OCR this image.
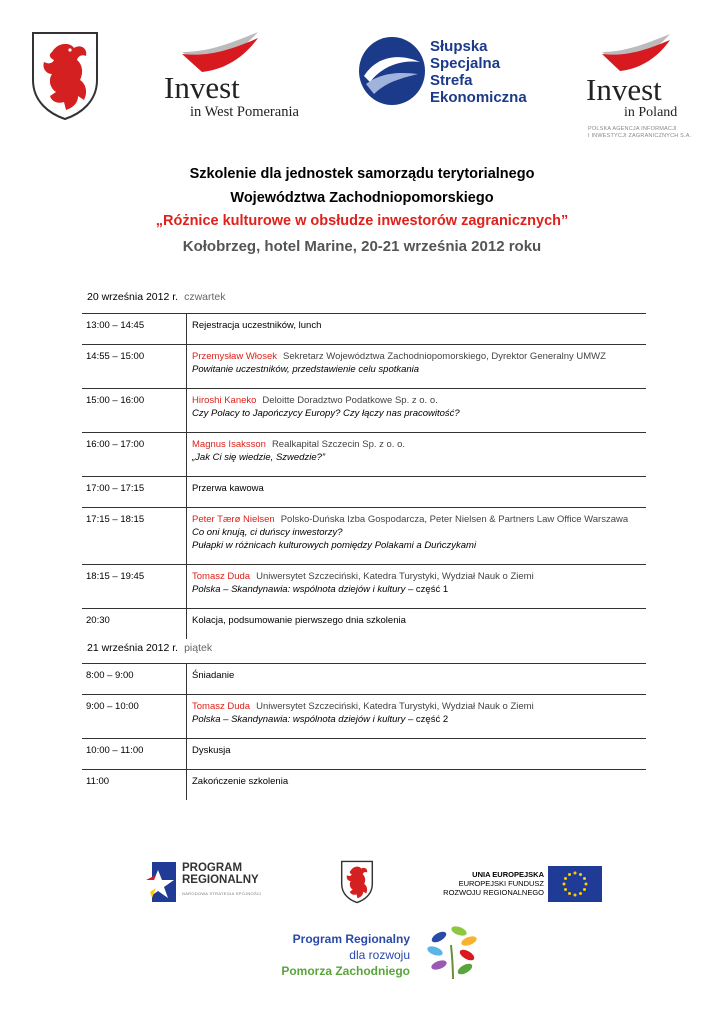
Invest
in West Pomerania
Słupska
Specjalna
Strefa
Ekonomiczna Invest
in Poland
POLSKA AGENCJA INFORMACJI
I INWESTYCJI ZAGRANICZNYCH S.A.
Szkolenie dla jednostek samorządu terytorialnego
Województwa Zachodniopomorskiego
„Różnice kulturowe w obsłudze inwestorów zagranicznych”
Kołobrzeg, hotel Marine, 20-21 września 2012 roku
20 września 2012 r. czwartek
13:00 – 14:45	Rejestracja uczestników, lunch
14:55 – 15:00	Przemysław Włosek Sekretarz Województwa Zachodniopomorskiego, Dyrektor Generalny UMWZ
Powitanie uczestników, przedstawienie celu spotkania

15:00 – 16:00	Hiroshi Kaneko Deloitte Doradztwo Podatkowe Sp. z o. o.
Czy Polacy to Japończycy Europy? Czy łączy nas pracowitość?

16:00 – 17:00	Magnus Isaksson Realkapital Szczecin Sp. z o. o.
„Jak Ci się wiedzie, Szwedzie?”

17:00 – 17:15	Przerwa kawowa
17:15 – 18:15	Peter Tærø Nielsen Polsko-Duńska Izba Gospodarcza, Peter Nielsen & Partners Law Office Warszawa
Co oni knują, ci duńscy inwestorzy?
Pułapki w różnicach kulturowych pomiędzy Polakami a Duńczykami

18:15 – 19:45	Tomasz Duda Uniwersytet Szczeciński, Katedra Turystyki, Wydział Nauk o Ziemi
Polska – Skandynawia: wspólnota dziejów i kultury – część 1

20:30	Kolacja, podsumowanie pierwszego dnia szkolenia
21 września 2012 r. piątek
8:00 – 9:00	Śniadanie
9:00 – 10:00	Tomasz Duda Uniwersytet Szczeciński, Katedra Turystyki, Wydział Nauk o Ziemi
Polska – Skandynawia: wspólnota dziejów i kultury – część 2

10:00 – 11:00	Dyskusja
11:00	Zakończenie szkolenia
PROGRAM
REGIONALNY
NARODOWA STRATEGIA SPÓJNOŚCI
UNIA EUROPEJSKA
EUROPEJSKI FUNDUSZ
ROZWOJU REGIONALNEGO
Program Regionalny
dla rozwoju
Pomorza Zachodniego
